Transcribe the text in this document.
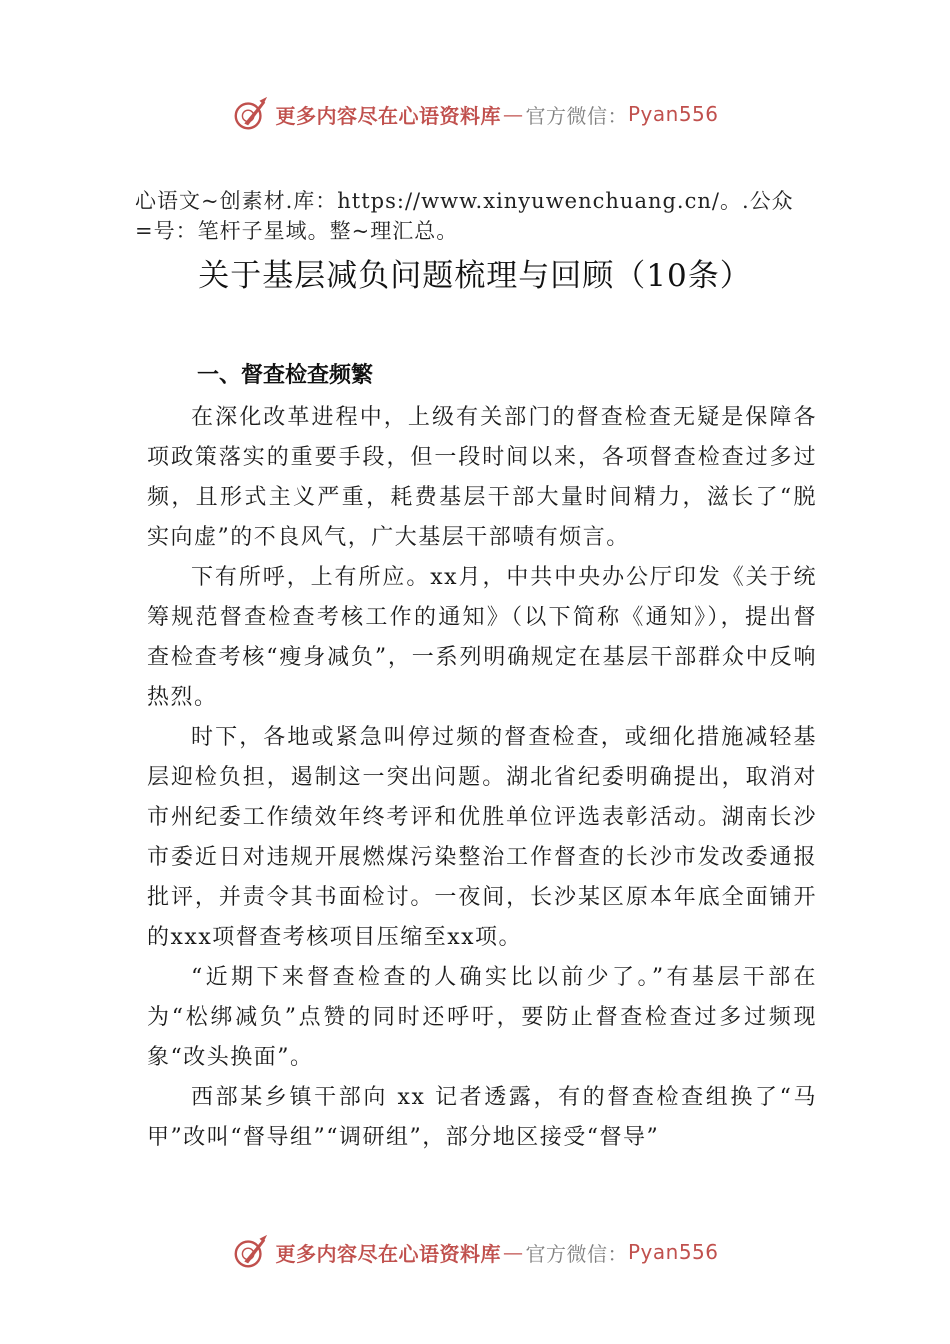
更多内容尽在心语资料库 — 官方微信： Pyan556
心语文~创素材.库：https://www.xinyuwenchuang.cn/。.公众
=号：笔杆子星域。整~理汇总。
关于基层减负问题梳理与回顾（10条）
一、督查检查频繁

在深化改革进程中，上级有关部门的督查检查无疑是保障各项政策落实的重要手段，但一段时间以来，各项督查检查过多过频，且形式主义严重，耗费基层干部大量时间精力，滋长了“脱实向虚”的不良风气，广大基层干部啧有烦言。

下有所呼，上有所应。xx月，中共中央办公厅印发《关于统筹规范督查检查考核工作的通知》（以下简称《通知》），提出督查检查考核“瘦身减负”，一系列明确规定在基层干部群众中反响热烈。

时下，各地或紧急叫停过频的督查检查，或细化措施减轻基层迎检负担，遏制这一突出问题。湖北省纪委明确提出，取消对市州纪委工作绩效年终考评和优胜单位评选表彰活动。湖南长沙市委近日对违规开展燃煤污染整治工作督查的长沙市发改委通报批评，并责令其书面检讨。一夜间，长沙某区原本年底全面铺开的xxx项督查考核项目压缩至xx项。

“近期下来督查检查的人确实比以前少了。”有基层干部在为“松绑减负”点赞的同时还呼吁，要防止督查检查过多过频现象“改头换面”。

西部某乡镇干部向 xx 记者透露，有的督查检查组换了“马甲”改叫“督导组”“调研组”，部分地区接受“督导”

更多内容尽在心语资料库 — 官方微信： Pyan556
